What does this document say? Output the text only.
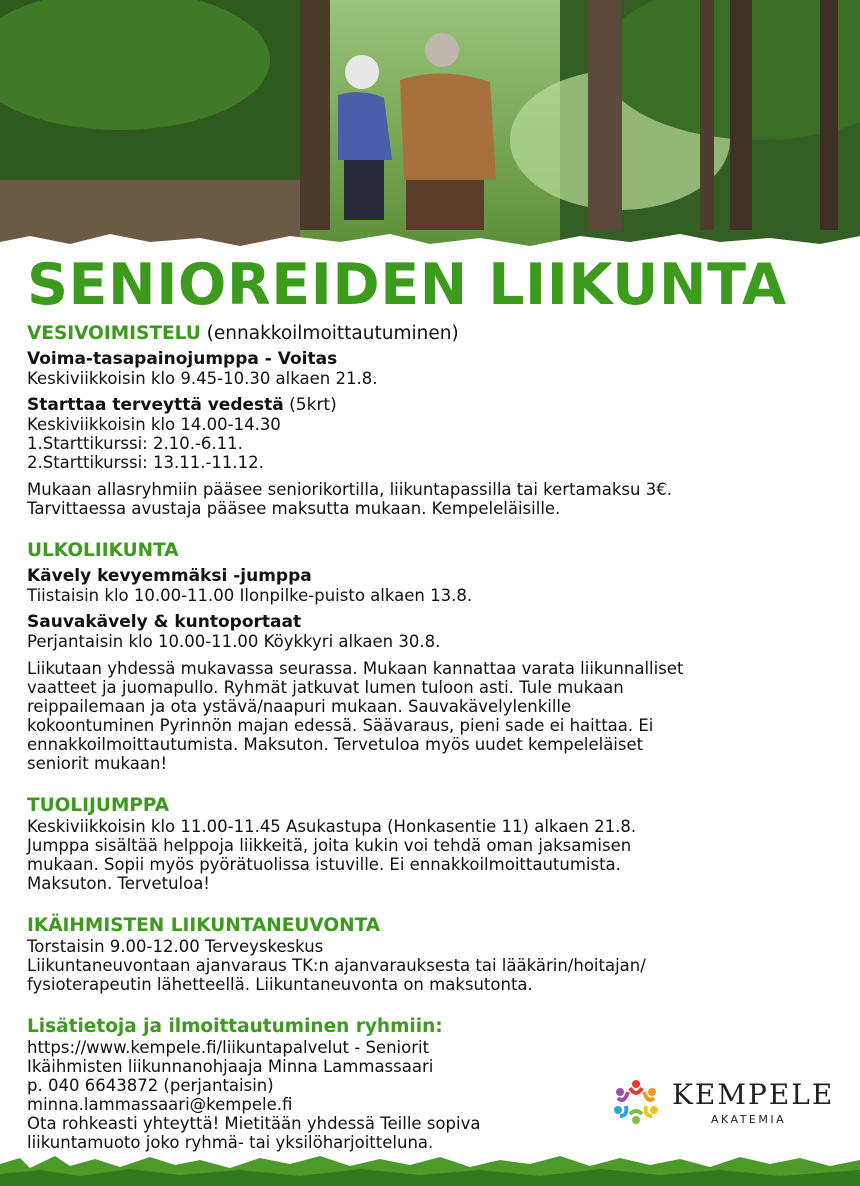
SENIOREIDEN LIIKUNTA
VESIVOIMISTELU (ennakkoilmoittautuminen)
Voima-tasapainojumppa - Voitas
Keskiviikkoisin klo 9.45-10.30 alkaen 21.8.
Starttaa terveyttä vedestä (5krt)
Keskiviikkoisin klo 14.00-14.30
1.Starttikurssi: 2.10.-6.11.
2.Starttikurssi: 13.11.-11.12.
Mukaan allasryhmiin pääsee seniorikortilla, liikuntapassilla tai kertamaksu 3€.
Tarvittaessa avustaja pääsee maksutta mukaan. Kempeleläisille.
ULKOLIIKUNTA
Kävely kevyemmäksi -jumppa
Tiistaisin klo 10.00-11.00 Ilonpilke-puisto alkaen 13.8.
Sauvakävely & kuntoportaat
Perjantaisin klo 10.00-11.00 Köykkyri alkaen 30.8.
Liikutaan yhdessä mukavassa seurassa. Mukaan kannattaa varata liikunnalliset
vaatteet ja juomapullo. Ryhmät jatkuvat lumen tuloon asti. Tule mukaan
reippailemaan ja ota ystävä/naapuri mukaan. Sauvakävelylenkille
kokoontuminen Pyrinnön majan edessä. Säävaraus, pieni sade ei haittaa. Ei
ennakkoilmoittautumista. Maksuton. Tervetuloa myös uudet kempeleläiset
seniorit mukaan!
TUOLIJUMPPA
Keskiviikkoisin klo 11.00-11.45 Asukastupa (Honkasentie 11) alkaen 21.8.
Jumppa sisältää helppoja liikkeitä, joita kukin voi tehdä oman jaksamisen
mukaan. Sopii myös pyörätuolissa istuville. Ei ennakkoilmoittautumista.
Maksuton. Tervetuloa!
IKÄIHMISTEN LIIKUNTANEUVONTA
Torstaisin 9.00-12.00 Terveyskeskus
Liikuntaneuvontaan ajanvaraus TK:n ajanvarauksesta tai lääkärin/hoitajan/
fysioterapeutin lähetteellä. Liikuntaneuvonta on maksutonta.
Lisätietoja ja ilmoittautuminen ryhmiin:
https://www.kempele.fi/liikuntapalvelut - Seniorit
Ikäihmisten liikunnanohjaaja Minna Lammassaari
p. 040 6643872 (perjantaisin)
minna.lammassaari@kempele.fi
Ota rohkeasti yhteyttä! Mietitään yhdessä Teille sopiva
liikuntamuoto joko ryhmä- tai yksilöharjoitteluna.
KEMPELE
AKATEMIA
